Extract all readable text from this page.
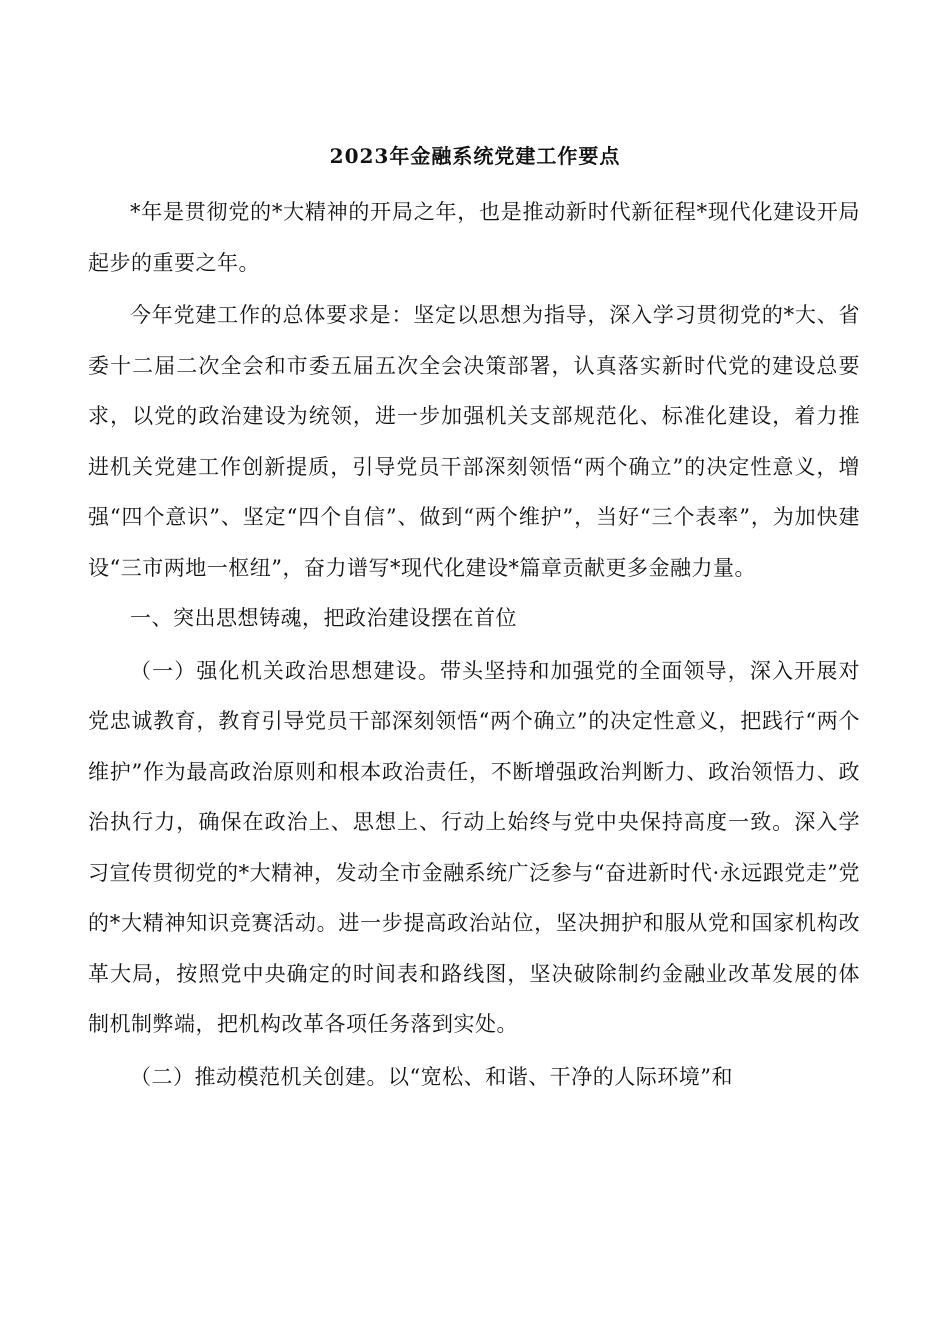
2023年金融系统党建工作要点

*年是贯彻党的*大精神的开局之年，也是推动新时代新征程*现代化建设开局起步的重要之年。

今年党建工作的总体要求是：坚定以思想为指导，深入学习贯彻党的*大、省委十二届二次全会和市委五届五次全会决策部署，认真落实新时代党的建设总要求，以党的政治建设为统领，进一步加强机关支部规范化、标准化建设，着力推进机关党建工作创新提质，引导党员干部深刻领悟“两个确立”的决定性意义，增强“四个意识”、坚定“四个自信”、做到“两个维护”，当好“三个表率”，为加快建设“三市两地一枢纽”，奋力谱写*现代化建设*篇章贡献更多金融力量。

一、突出思想铸魂，把政治建设摆在首位

（一）强化机关政治思想建设。带头坚持和加强党的全面领导，深入开展对党忠诚教育，教育引导党员干部深刻领悟“两个确立”的决定性意义，把践行“两个维护”作为最高政治原则和根本政治责任，不断增强政治判断力、政治领悟力、政治执行力，确保在政治上、思想上、行动上始终与党中央保持高度一致。深入学习宣传贯彻党的*大精神，发动全市金融系统广泛参与“奋进新时代·永远跟党走”党的*大精神知识竞赛活动。进一步提高政治站位，坚决拥护和服从党和国家机构改革大局，按照党中央确定的时间表和路线图，坚决破除制约金融业改革发展的体制机制弊端，把机构改革各项任务落到实处。

（二）推动模范机关创建。以“宽松、和谐、干净的人际环境”和
